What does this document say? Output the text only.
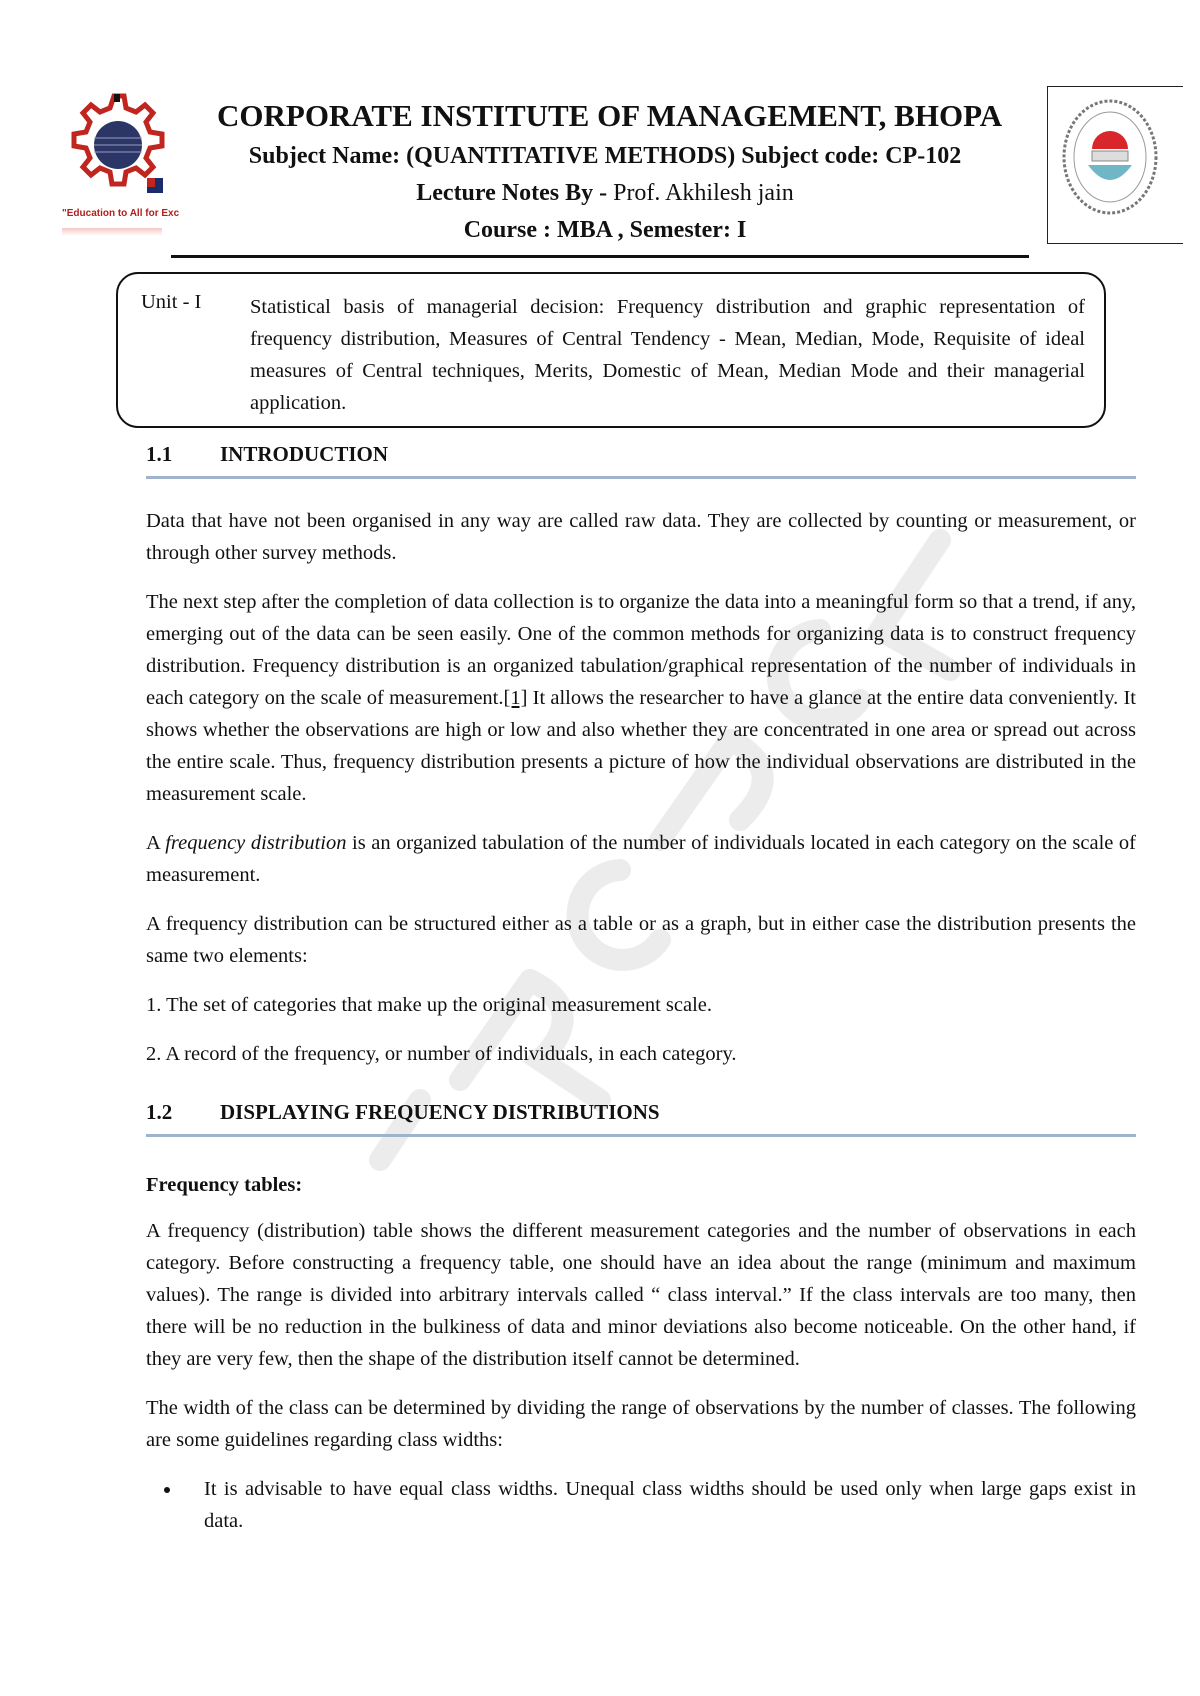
"Education to All for Exc
CORPORATE INSTITUTE OF MANAGEMENT, BHOPA
Subject Name: (QUANTITATIVE METHODS) Subject code: CP-102
Lecture Notes By - Prof. Akhilesh jain
Course : MBA , Semester: I
Unit - I Statistical basis of managerial decision: Frequency distribution and graphic representation of frequency distribution, Measures of Central Tendency - Mean, Median, Mode, Requisite of ideal measures of Central techniques, Merits, Domestic of Mean, Median Mode and their managerial application.
1.1 INTRODUCTION

Data that have not been organised in any way are called raw data. They are collected by counting or measurement, or through other survey methods.

The next step after the completion of data collection is to organize the data into a meaningful form so that a trend, if any, emerging out of the data can be seen easily. One of the common methods for organizing data is to construct frequency distribution. Frequency distribution is an organized tabulation/graphical representation of the number of individuals in each category on the scale of measurement.[1] It allows the researcher to have a glance at the entire data conveniently. It shows whether the observations are high or low and also whether they are concentrated in one area or spread out across the entire scale. Thus, frequency distribution presents a picture of how the individual observations are distributed in the measurement scale.

A frequency distribution is an organized tabulation of the number of individuals located in each category on the scale of measurement.

A frequency distribution can be structured either as a table or as a graph, but in either case the distribution presents the same two elements:

1. The set of categories that make up the original measurement scale.

2. A record of the frequency, or number of individuals, in each category.

1.2 DISPLAYING FREQUENCY DISTRIBUTIONS
Frequency tables:

A frequency (distribution) table shows the different measurement categories and the number of observations in each category. Before constructing a frequency table, one should have an idea about the range (minimum and maximum values). The range is divided into arbitrary intervals called “ class interval.” If the class intervals are too many, then there will be no reduction in the bulkiness of data and minor deviations also become noticeable. On the other hand, if they are very few, then the shape of the distribution itself cannot be determined.

The width of the class can be determined by dividing the range of observations by the number of classes. The following are some guidelines regarding class widths:

• It is advisable to have equal class widths. Unequal class widths should be used only when large gaps exist in data.
